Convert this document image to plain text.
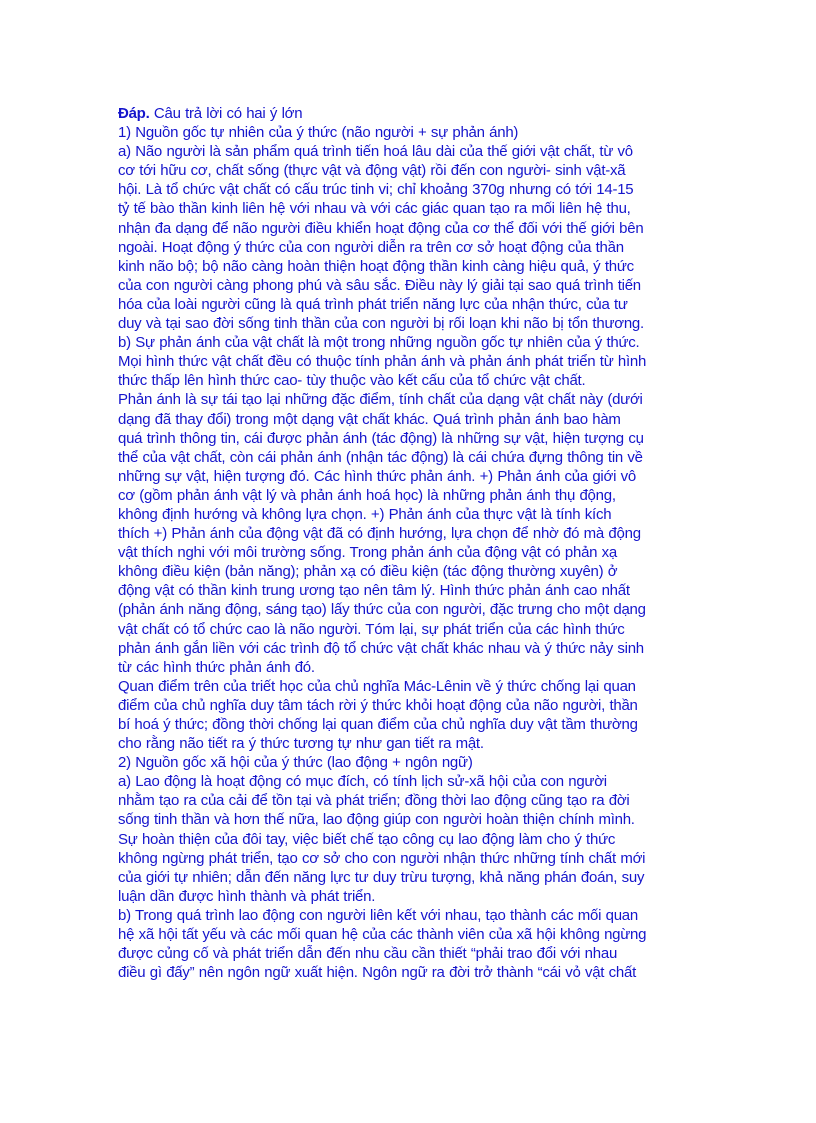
Đáp. Câu trả lời có hai ý lớn
1) Nguồn gốc tự nhiên của ý thức (não người + sự phản ánh)
a) Não người là sản phẩm quá trình tiến hoá lâu dài của thế giới vật chất, từ vô
cơ tới hữu cơ, chất sống (thực vật và động vật) rồi đến con người- sinh vật-xã
hội. Là tổ chức vật chất có cấu trúc tinh vi; chỉ khoảng 370g nhưng có tới 14-15
tỷ tế bào thần kinh liên hệ với nhau và với các giác quan tạo ra mối liên hệ thu,
nhận đa dạng để não người điều khiển hoạt động của cơ thể đối với thế giới bên
ngoài. Hoạt động ý thức của con người diễn ra trên cơ sở hoạt động của thần
kinh não bộ; bộ não càng hoàn thiện hoạt động thần kinh càng hiệu quả, ý thức
của con người càng phong phú và sâu sắc. Điều này lý giải tại sao quá trình tiến
hóa của loài người cũng là quá trình phát triển năng lực của nhận thức, của tư
duy và tại sao đời sống tinh thần của con người bị rối loạn khi não bị tổn thương.
b) Sự phản ánh của vật chất là một trong những nguồn gốc tự nhiên của ý thức.
Mọi hình thức vật chất đều có thuộc tính phản ánh và phản ánh phát triển từ hình
thức thấp lên hình thức cao- tùy thuộc vào kết cấu của tổ chức vật chất.
Phản ánh là sự tái tạo lại những đặc điểm, tính chất của dạng vật chất này (dưới
dạng đã thay đổi) trong một dạng vật chất khác. Quá trình phản ánh bao hàm
quá trình thông tin, cái được phản ánh (tác động) là những sự vật, hiện tượng cụ
thể của vật chất, còn cái phản ánh (nhận tác động) là cái chứa đựng thông tin về
những sự vật, hiện tượng đó. Các hình thức phản ánh. +) Phản ánh của giới vô
cơ (gồm phản ánh vật lý và phản ánh hoá học) là những phản ánh thụ động,
không định hướng và không lựa chọn. +) Phản ánh của thực vật là tính kích
thích +) Phản ánh của động vật đã có định hướng, lựa chọn để nhờ đó mà động
vật thích nghi với môi trường sống. Trong phản ánh của động vật có phản xạ
không điều kiện (bản năng); phản xạ có điều kiện (tác động thường xuyên) ở
động vật có thần kinh trung ương tạo nên tâm lý. Hình thức phản ánh cao nhất
(phản ánh năng động, sáng tạo) lấy thức của con người, đặc trưng cho một dạng
vật chất có tổ chức cao là não người. Tóm lại, sự phát triển của các hình thức
phản ánh gắn liền với các trình độ tổ chức vật chất khác nhau và ý thức nảy sinh
từ các hình thức phản ánh đó.
Quan điểm trên của triết học của chủ nghĩa Mác-Lênin về ý thức chống lại quan
điểm của chủ nghĩa duy tâm tách rời ý thức khỏi hoạt động của não người, thần
bí hoá ý thức; đồng thời chống lại quan điểm của chủ nghĩa duy vật tầm thường
cho rằng não tiết ra ý thức tương tự như gan tiết ra mật.
2) Nguồn gốc xã hội của ý thức (lao động + ngôn ngữ)
a) Lao động là hoạt động có mục đích, có tính lịch sử-xã hội của con người
nhằm tạo ra của cải để tồn tại và phát triển; đồng thời lao động cũng tạo ra đời
sống tinh thần và hơn thế nữa, lao động giúp con người hoàn thiện chính mình.
Sự hoàn thiện của đôi tay, việc biết chế tạo công cụ lao động làm cho ý thức
không ngừng phát triển, tạo cơ sở cho con người nhận thức những tính chất mới
của giới tự nhiên; dẫn đến năng lực tư duy trừu tượng, khả năng phán đoán, suy
luận dần được hình thành và phát triển.
b) Trong quá trình lao động con người liên kết với nhau, tạo thành các mối quan
hệ xã hội tất yếu và các mối quan hệ của các thành viên của xã hội không ngừng
được củng cố và phát triển dẫn đến nhu cầu cần thiết “phải trao đổi với nhau
điều gì đấy” nên ngôn ngữ xuất hiện. Ngôn ngữ ra đời trở thành “cái vỏ vật chất
